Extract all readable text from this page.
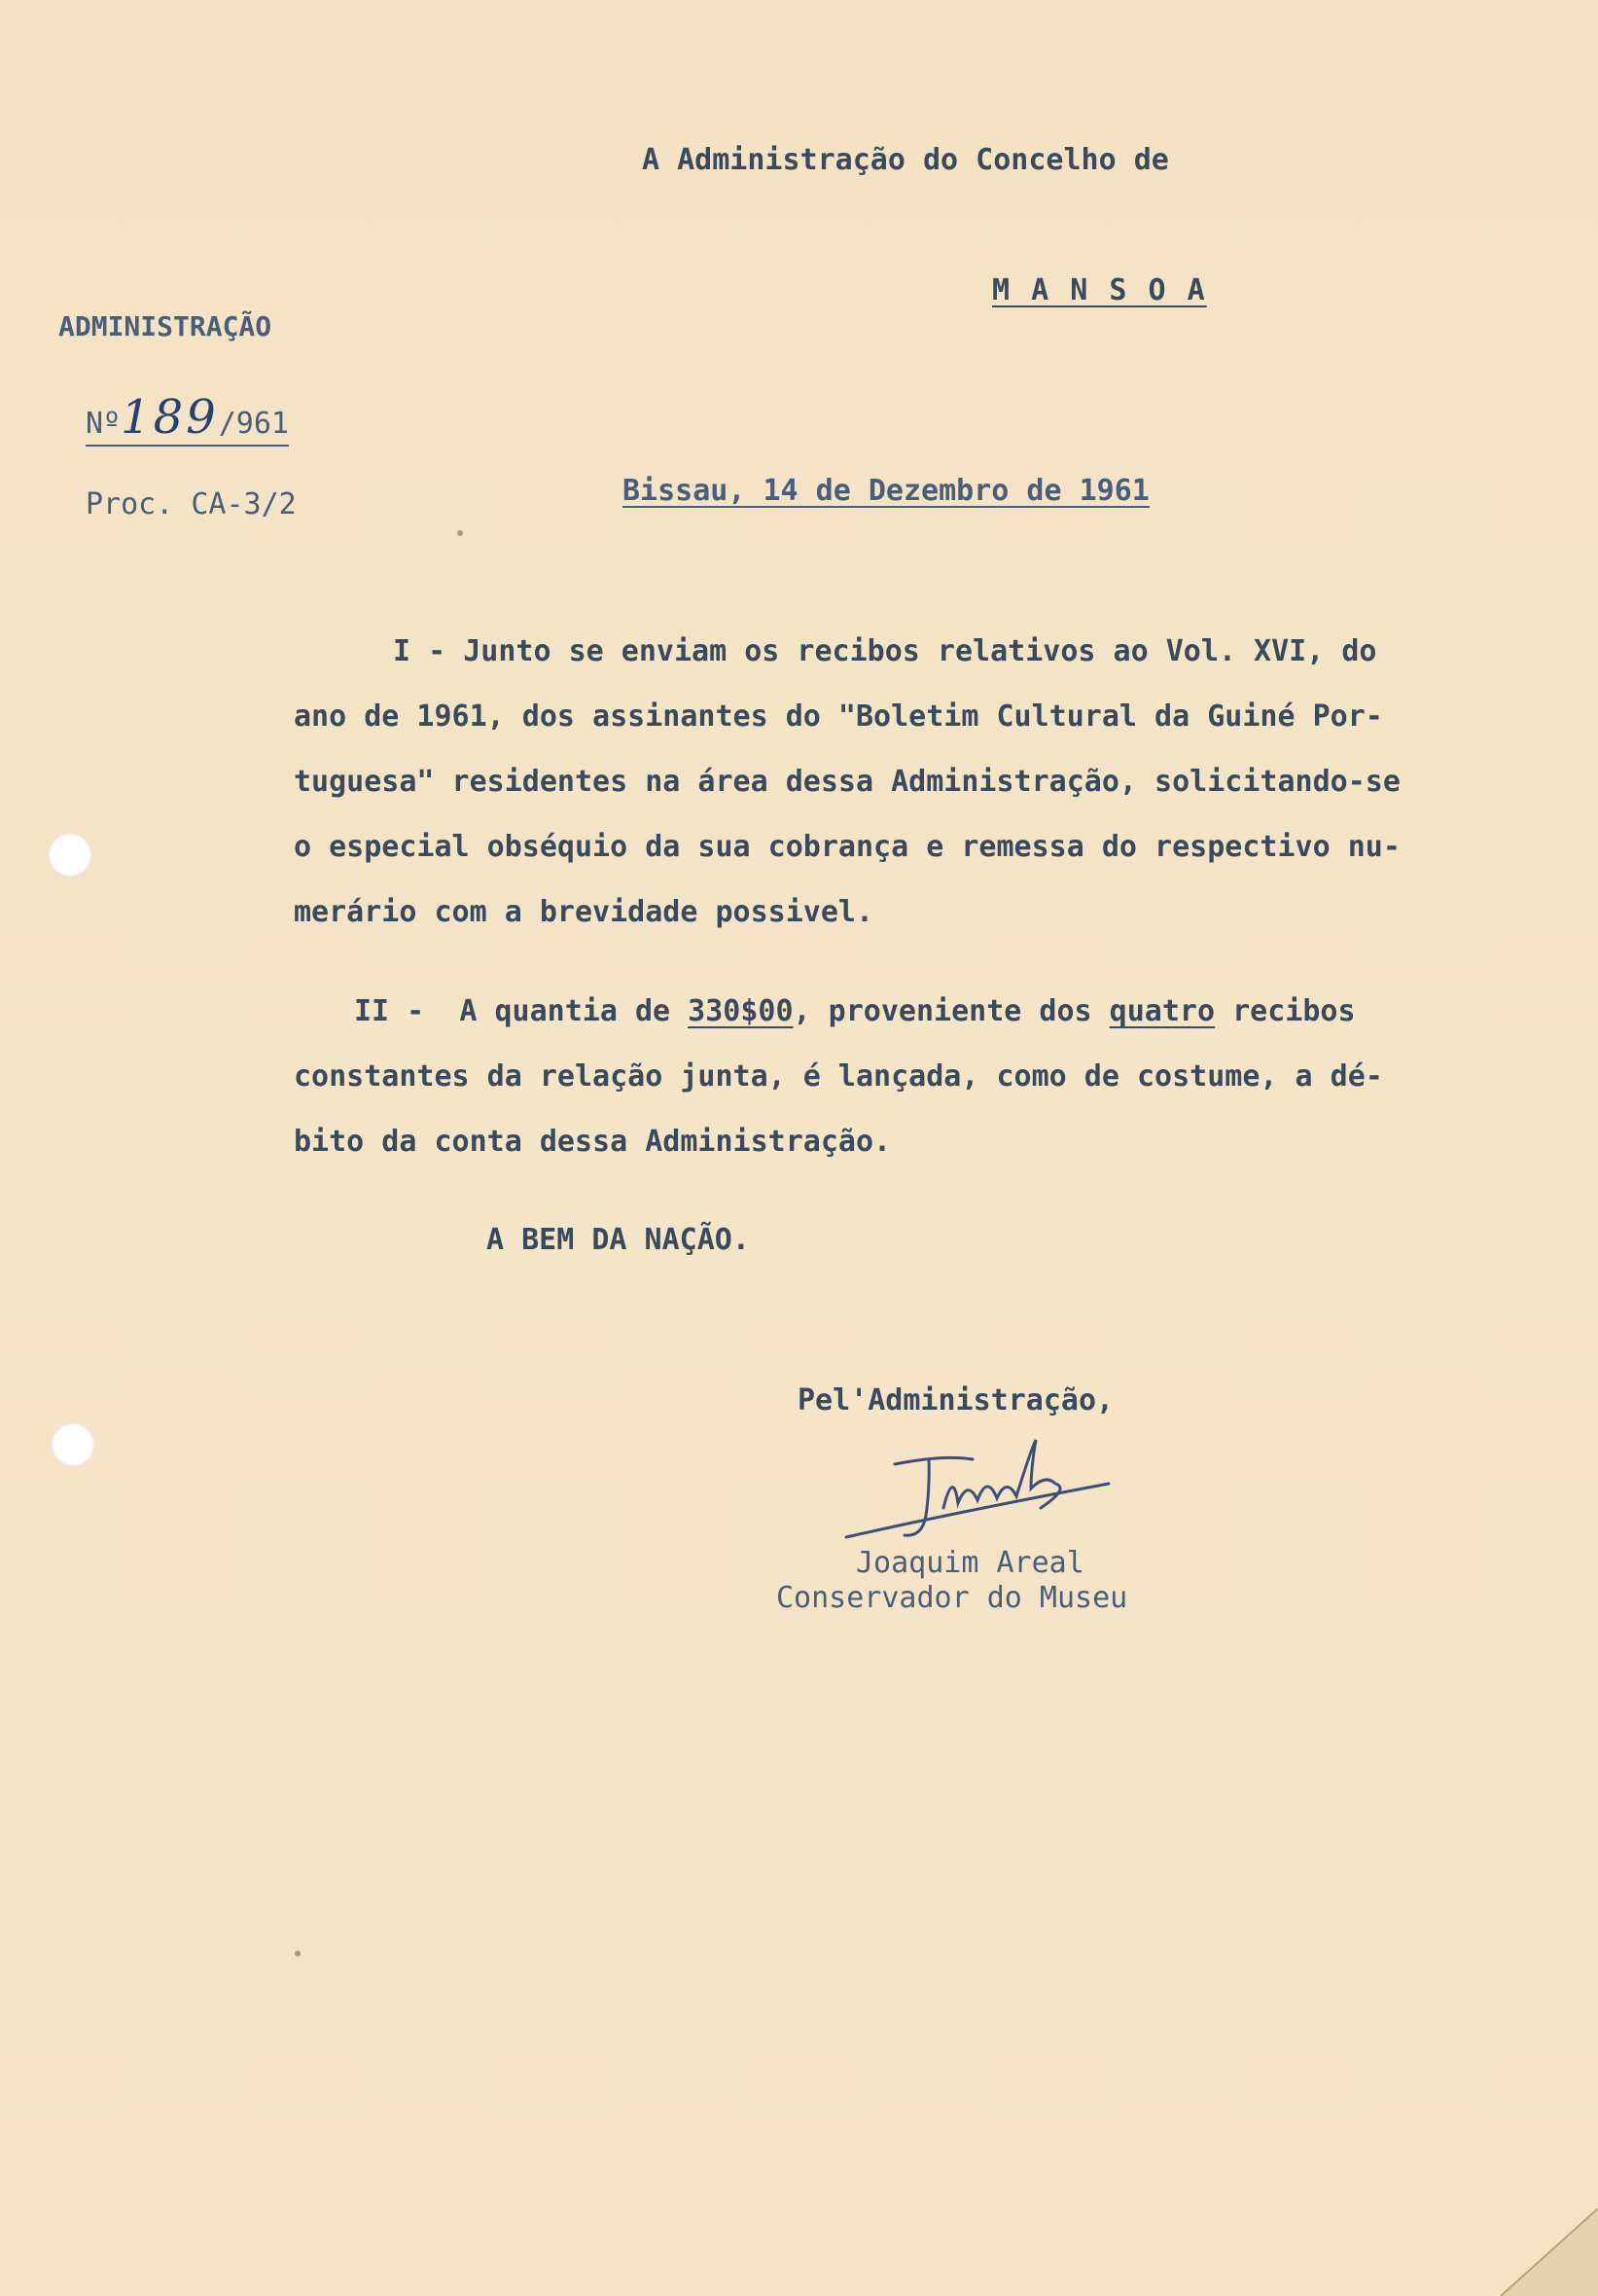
A Administração do Concelho de
M A N S O A
ADMINISTRAÇÃO
Nº189/961
Proc. CA-3/2	Bissau, 14 de Dezembro de 1961
I - Junto se enviam os recibos relativos ao Vol. XVI, do
ano de 1961, dos assinantes do "Boletim Cultural da Guiné Por-
tuguesa" residentes na área dessa Administração, solicitando-se
o especial obséquio da sua cobrança e remessa do respectivo nu-
merário com a brevidade possivel.
II -  A quantia de 330$00, proveniente dos quatro recibos
constantes da relação junta, é lançada, como de costume, a dé-
bito da conta dessa Administração.
A BEM DA NAÇÃO.
Pel'Administração,
Joaquim Areal
Conservador do Museu
